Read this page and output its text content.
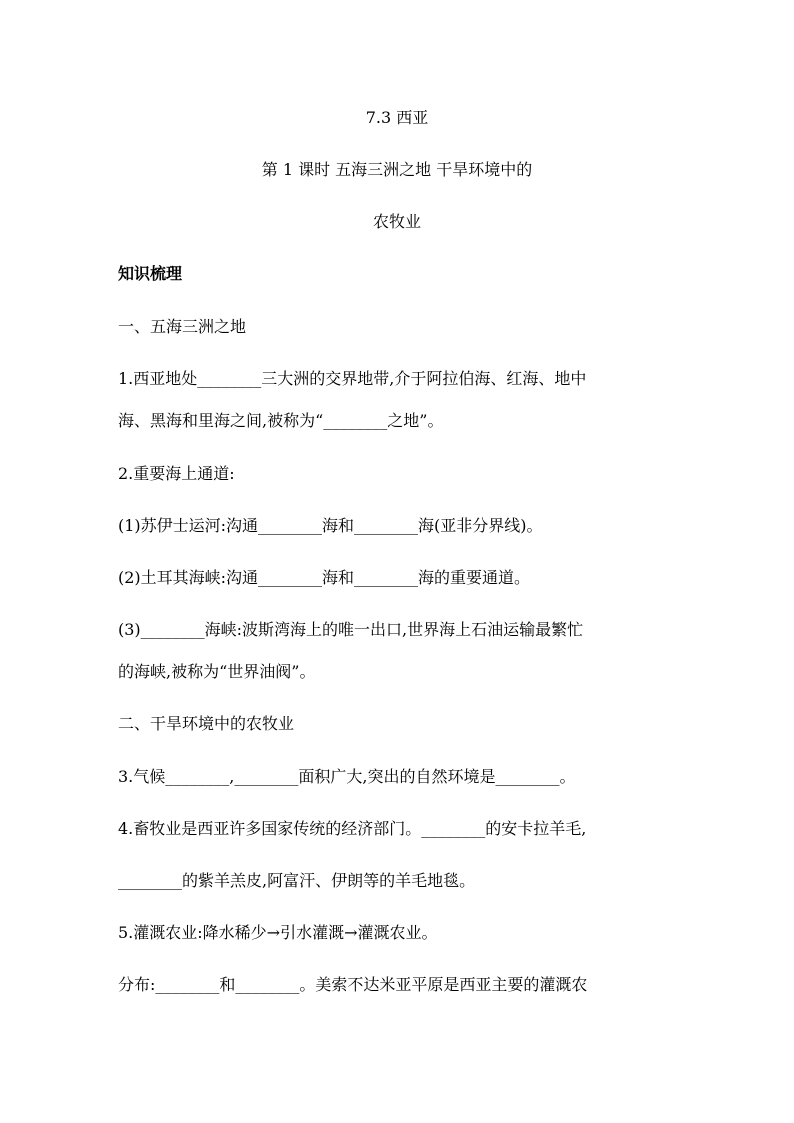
7.3 西亚
第 1 课时 五海三洲之地 干旱环境中的
农牧业
知识梳理
一、五海三洲之地
1.西亚地处________三大洲的交界地带,介于阿拉伯海、红海、地中
海、黑海和里海之间,被称为“________之地”。
2.重要海上通道:
(1)苏伊士运河:沟通________海和________海(亚非分界线)。
(2)土耳其海峡:沟通________海和________海的重要通道。
(3)________海峡:波斯湾海上的唯一出口,世界海上石油运输最繁忙
的海峡,被称为“世界油阀”。
二、干旱环境中的农牧业
3.气候________,________面积广大,突出的自然环境是________。
4.畜牧业是西亚许多国家传统的经济部门。________的安卡拉羊毛,
________的紫羊羔皮,阿富汗、伊朗等的羊毛地毯。
5.灌溉农业:降水稀少→引水灌溉→灌溉农业。
分布:________和________。美索不达米亚平原是西亚主要的灌溉农
